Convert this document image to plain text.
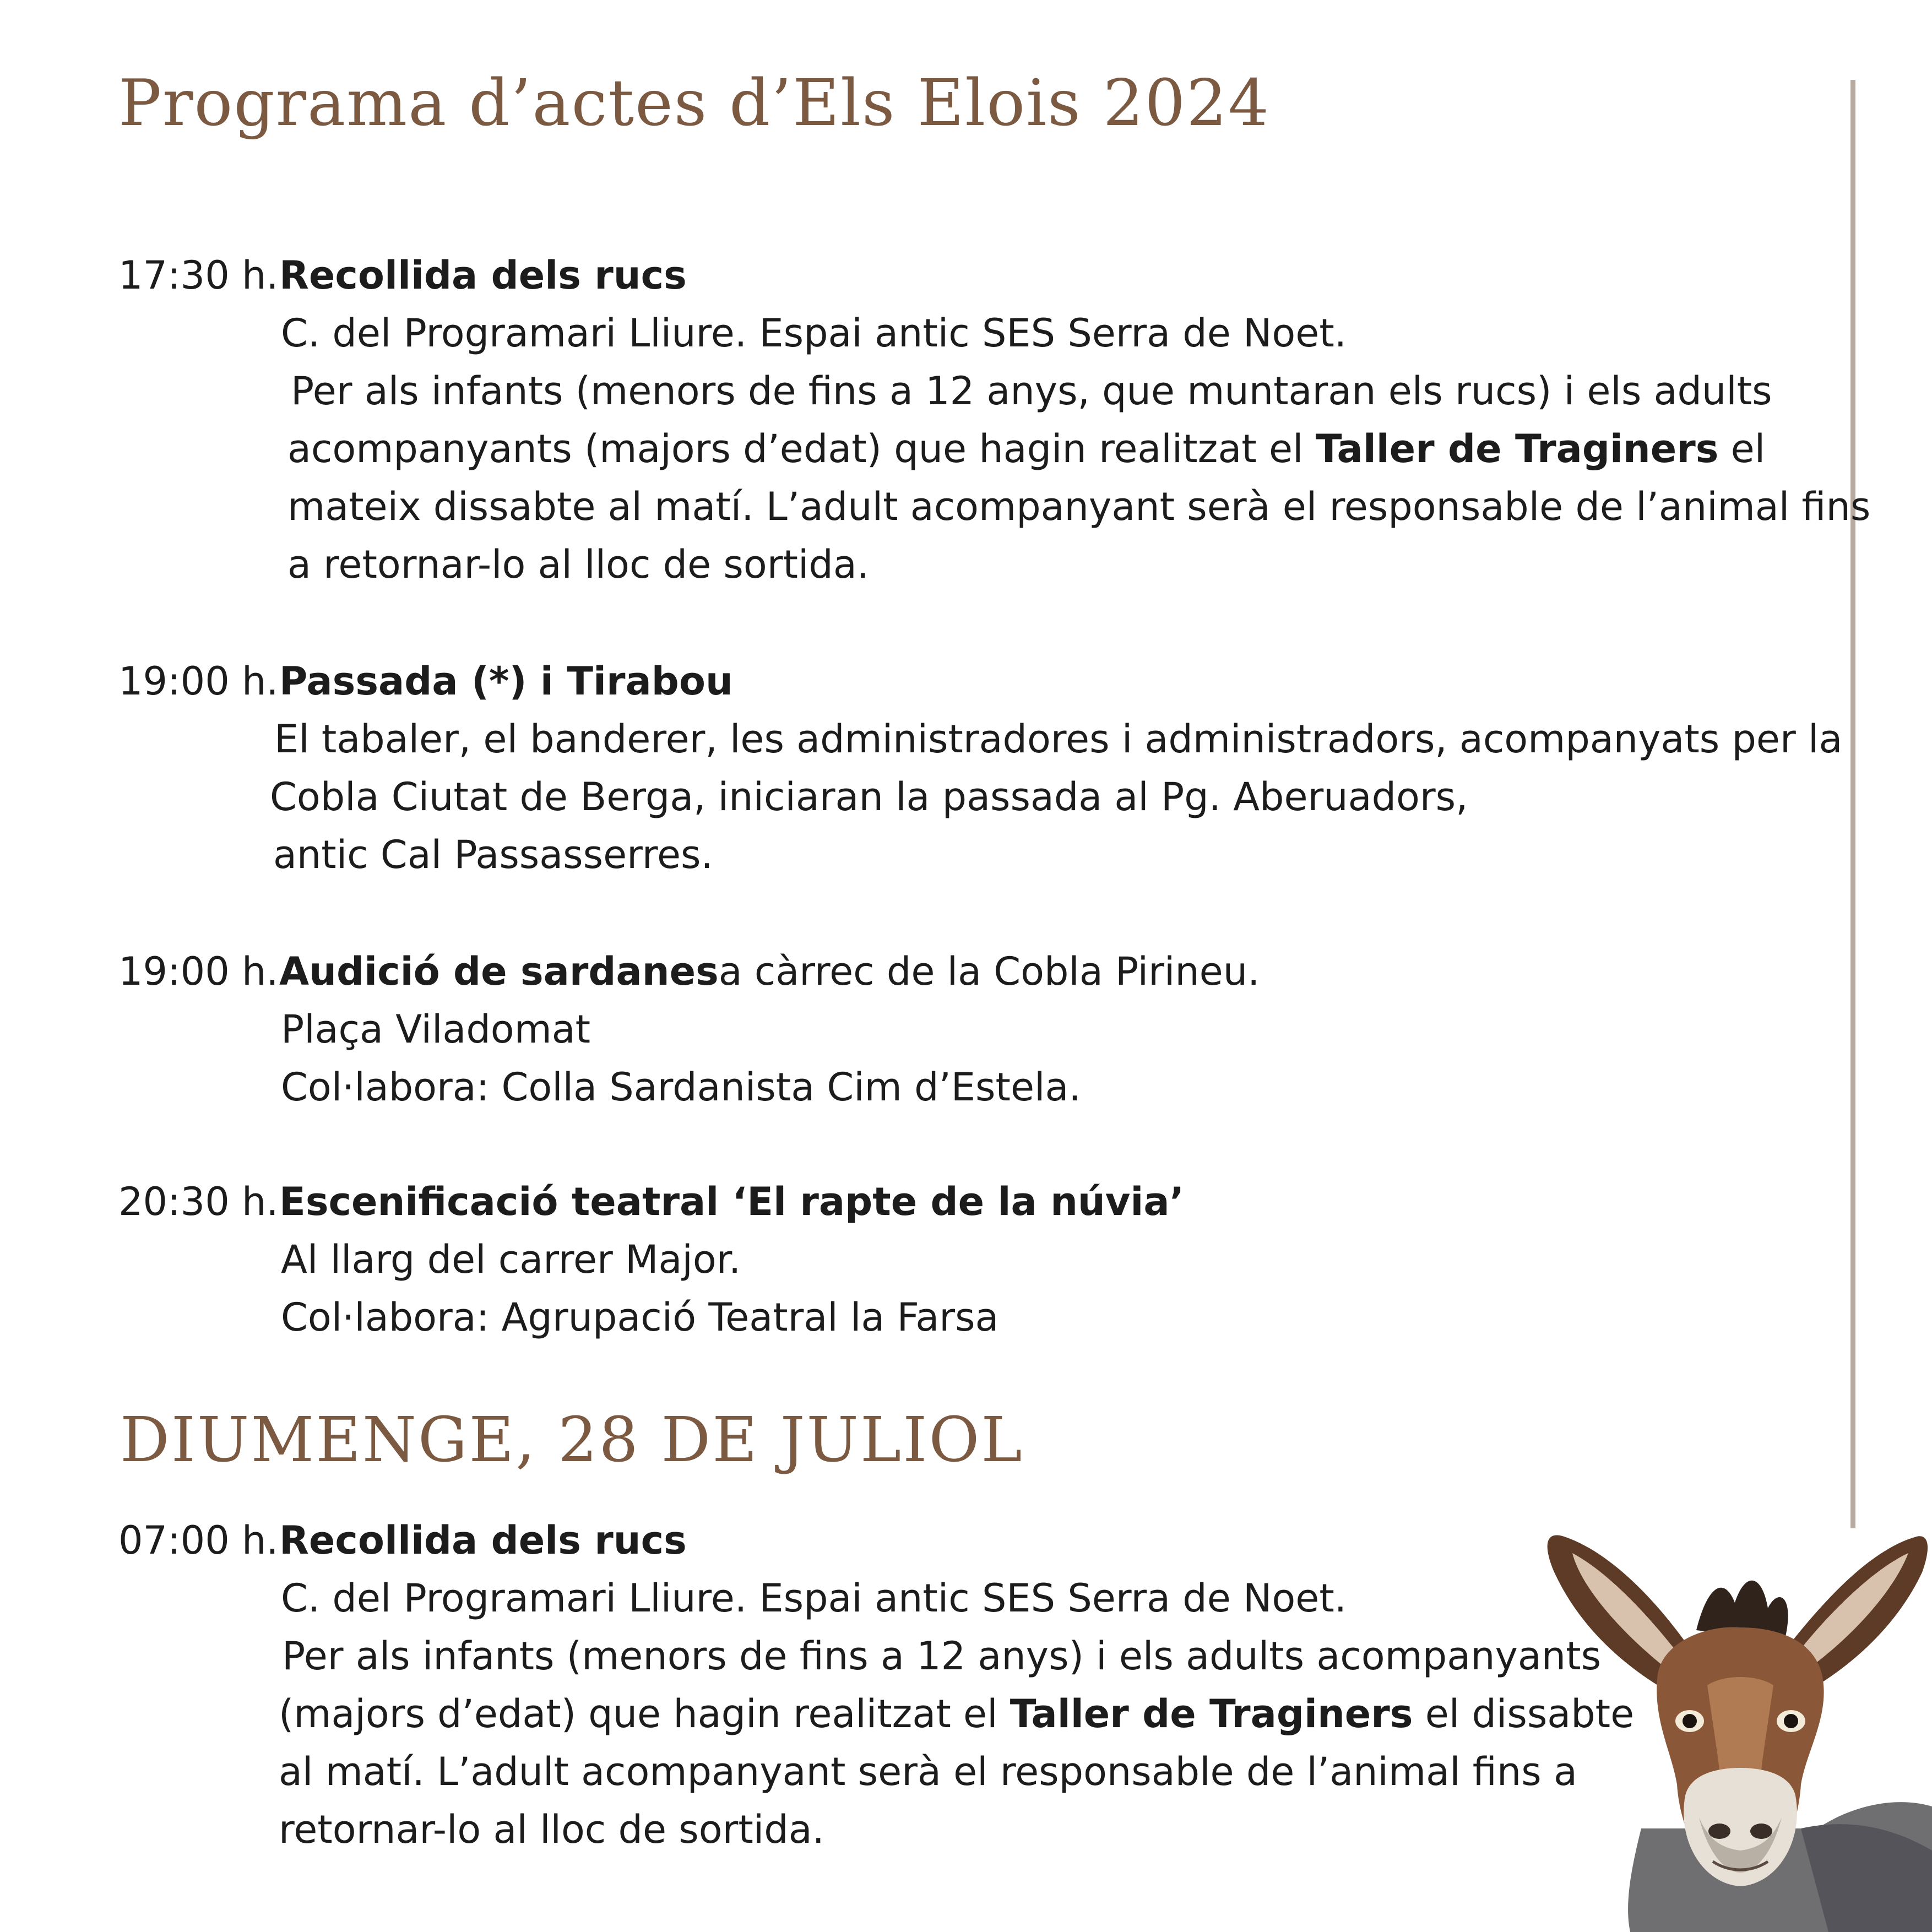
Programa d’actes d’Els Elois 2024
17:30 h. Recollida dels rucs
C. del Programari Lliure. Espai antic SES Serra de Noet.
Per als infants (menors de fins a 12 anys, que muntaran els rucs) i els adults
acompanyants (majors d’edat) que hagin realitzat el Taller de Traginers el
mateix dissabte al matí. L’adult acompanyant serà el responsable de l’animal fins
a retornar-lo al lloc de sortida.
19:00 h. Passada (*) i Tirabou
El tabaler, el banderer, les administradores i administradors, acompanyats per la
Cobla Ciutat de Berga, iniciaran la passada al Pg. Aberuadors,
antic Cal Passasserres.
19:00 h. Audició de sardanes a càrrec de la Cobla Pirineu.
Plaça Viladomat
Col·labora: Colla Sardanista Cim d’Estela.
20:30 h. Escenificació teatral ‘El rapte de la núvia’
Al llarg del carrer Major.
Col·labora: Agrupació Teatral la Farsa
DIUMENGE, 28 DE JULIOL
07:00 h. Recollida dels rucs
C. del Programari Lliure. Espai antic SES Serra de Noet.
Per als infants (menors de fins a 12 anys) i els adults acompanyants
(majors d’edat) que hagin realitzat el Taller de Traginers el dissabte
al matí. L’adult acompanyant serà el responsable de l’animal fins a
retornar-lo al lloc de sortida.
